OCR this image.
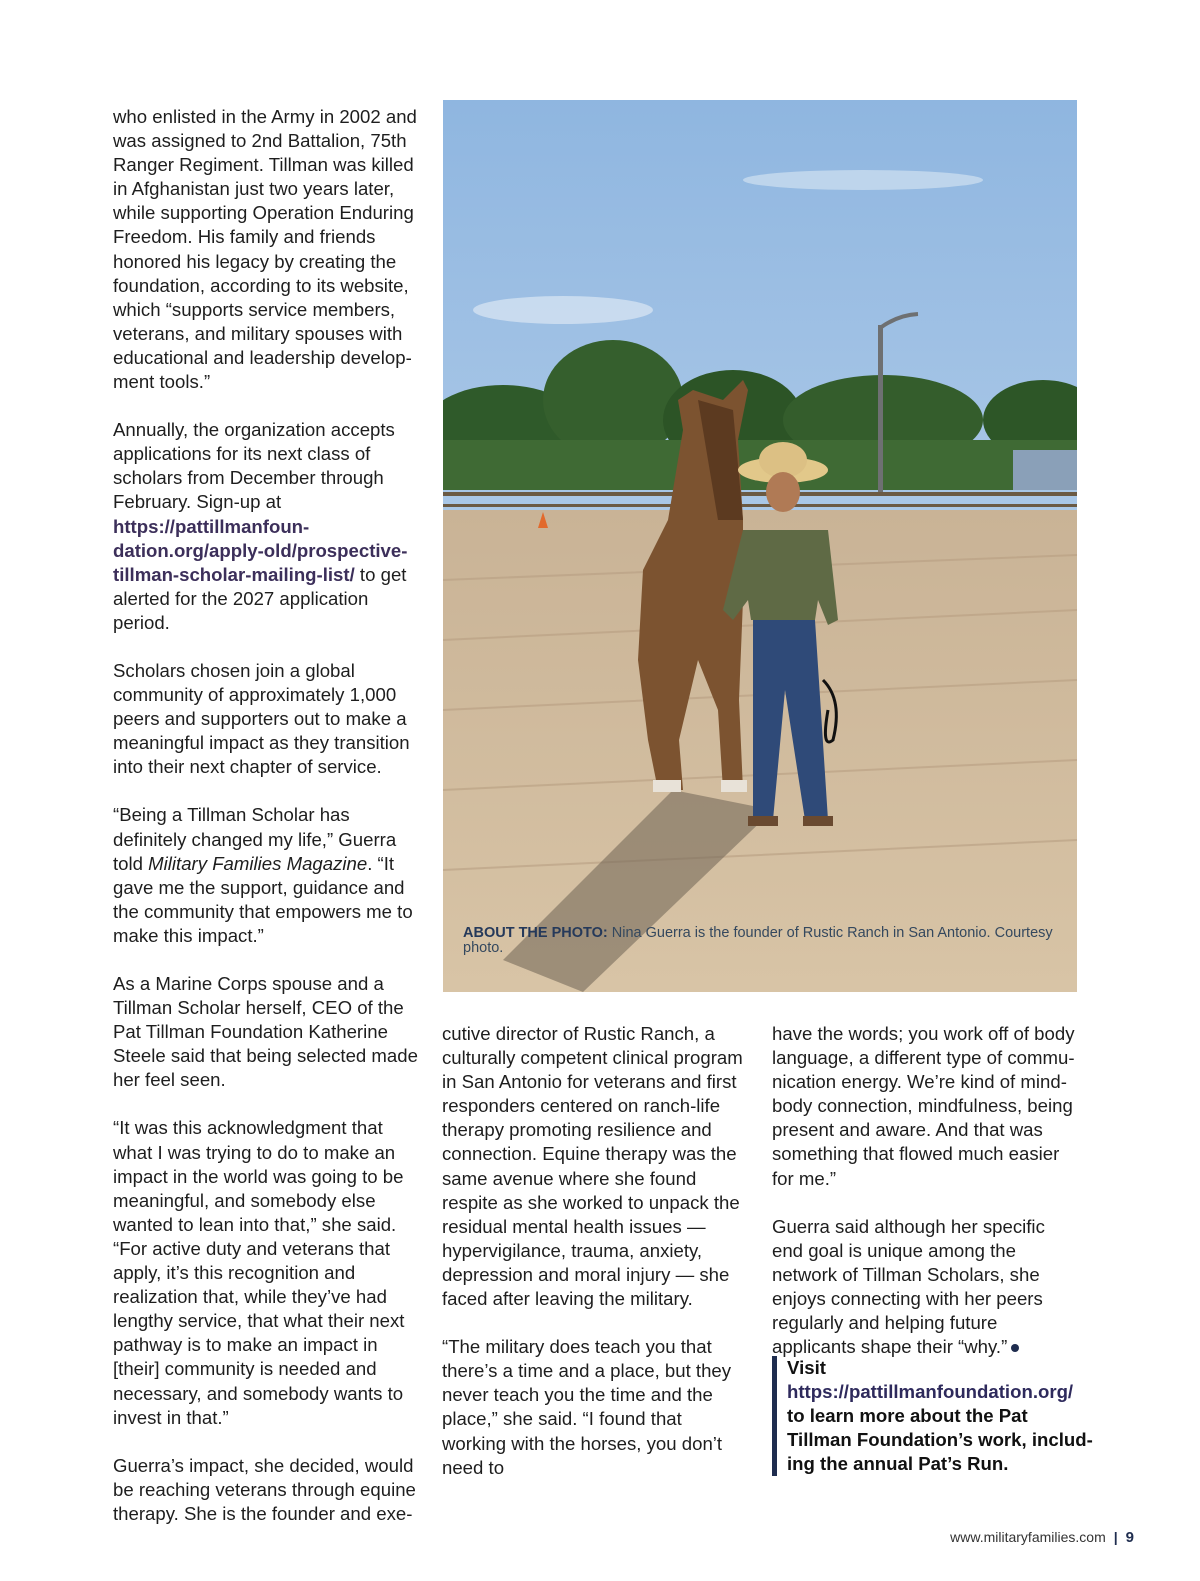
who enlisted in the Army in 2002 and was assigned to 2nd Battalion, 75th Ranger Regiment. Tillman was killed in Afghanistan just two years later, while supporting Operation Enduring Freedom. His family and friends honored his legacy by creating the foundation, according to its website, which “supports service members, veterans, and military spouses with educational and leadership development tools.”

Annually, the organization accepts applications for its next class of scholars from December through February. Sign-up at https://pattillmanfoundation.org/apply-old/prospective-tillman-scholar-mailing-list/ to get alerted for the 2027 application period.

Scholars chosen join a global community of approximately 1,000 peers and supporters out to make a meaningful impact as they transition into their next chapter of service.

“Being a Tillman Scholar has definitely changed my life,” Guerra told Military Families Magazine. “It gave me the support, guidance and the community that empowers me to make this impact.”

As a Marine Corps spouse and a Tillman Scholar herself, CEO of the Pat Tillman Foundation Katherine Steele said that being selected made her feel seen.

“It was this acknowledgment that what I was trying to do to make an impact in the world was going to be meaningful, and somebody else wanted to lean into that,” she said. “For active duty and veterans that apply, it’s this recognition and realization that, while they’ve had lengthy service, that what their next pathway is to make an impact in [their] community is needed and necessary, and somebody wants to invest in that.”

Guerra’s impact, she decided, would be reaching veterans through equine therapy. She is the founder and exe-

ABOUT THE PHOTO: Nina Guerra is the founder of Rustic Ranch in San Antonio. Courtesy photo.

cutive director of Rustic Ranch, a culturally competent clinical program in San Antonio for veterans and first responders centered on ranch-life therapy promoting resilience and connection. Equine therapy was the same avenue where she found respite as she worked to unpack the residual mental health issues — hypervigilance, trauma, anxiety, depression and moral injury — she faced after leaving the military.

“The military does teach you that there’s a time and a place, but they never teach you the time and the place,” she said. “I found that working with the horses, you don’t need to

have the words; you work off of body language, a different type of communication energy. We’re kind of mind-body connection, mindfulness, being present and aware. And that was something that flowed much easier for me.”

Guerra said although her specific end goal is unique among the network of Tillman Scholars, she enjoys connecting with her peers regularly and helping future applicants shape their “why.”

Visit https://pattillmanfoundation.org/ to learn more about the Pat Tillman Foundation’s work, including the annual Pat’s Run.
www.militaryfamilies.com | 9
